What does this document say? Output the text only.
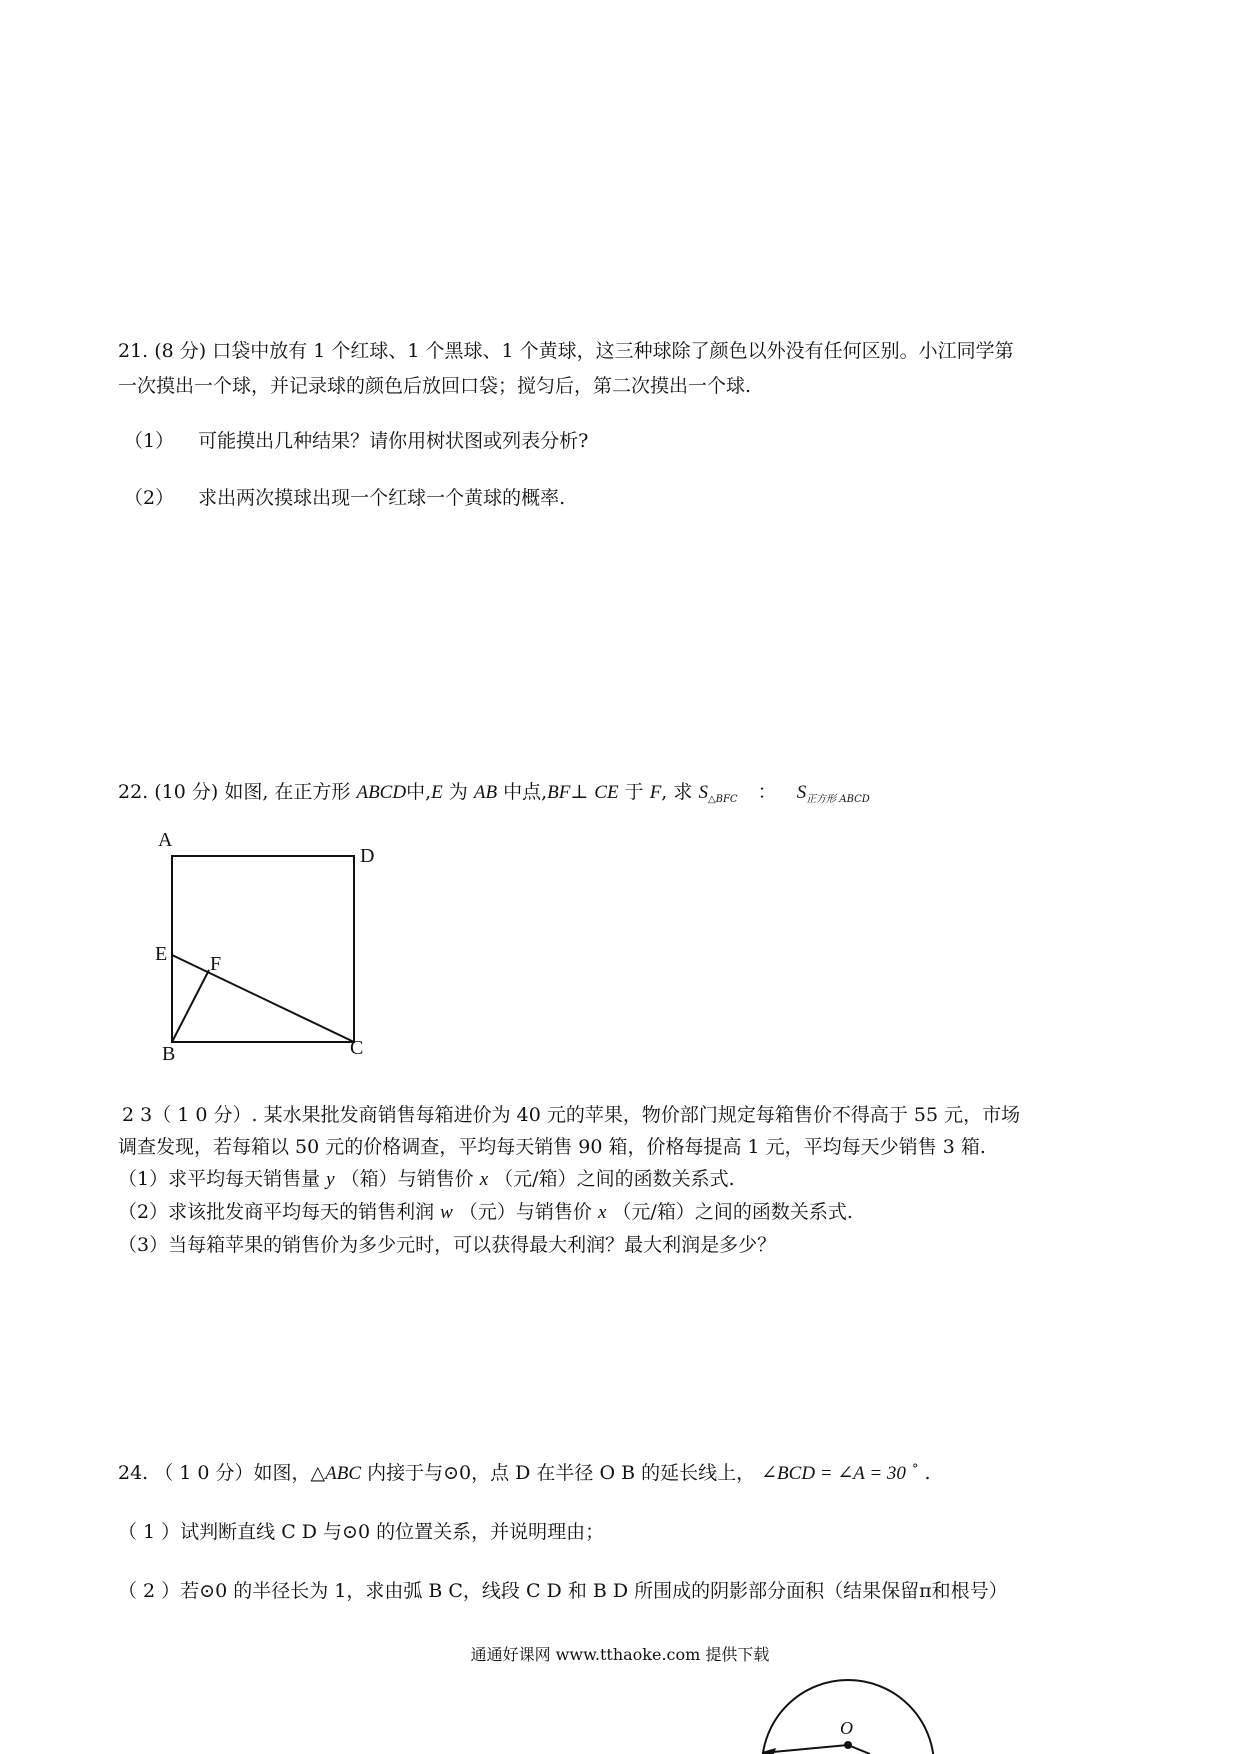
21. (8 分) 口袋中放有 1 个红球、1 个黑球、1 个黄球，这三种球除了颜色以外没有任何区别。小江同学第
一次摸出一个球，并记录球的颜色后放回口袋；搅匀后，第二次摸出一个球.
（1） 可能摸出几种结果？请你用树状图或列表分析?
（2） 求出两次摸球出现一个红球一个黄球的概率.
22. (10 分) 如图, 在正方形 ABCD中,E 为 AB 中点,BF⊥ CE 于 F, 求 $S_{\triangle BFC}$ ： $S_{正方形 ABCD}$
A
D
E F
B	C
2 3（ 1 0 分）. 某水果批发商销售每箱进价为 40 元的苹果，物价部门规定每箱售价不得高于 55 元，市场
调查发现，若每箱以 50 元的价格调查，平均每天销售 90 箱，价格每提高 1 元，平均每天少销售 3 箱.
（1）求平均每天销售量 y （箱）与销售价 x （元/箱）之间的函数关系式.
（2）求该批发商平均每天的销售利润 w （元）与销售价 x （元/箱）之间的函数关系式.
（3）当每箱苹果的销售价为多少元时，可以获得最大利润？最大利润是多少？
24. （ 1 0 分）如图，△ABC 内接于与⊙0，点 D 在半径 O B 的延长线上， ∠BCD = ∠A = 30 ° .
（ 1 ）试判断直线 C D 与⊙0 的位置关系，并说明理由；
（ 2 ）若⊙0 的半径长为 1，求由弧 B C，线段 C D 和 B D 所围成的阴影部分面积（结果保留π和根号）
通通好课网 www.tthaoke.com 提供下载
O
